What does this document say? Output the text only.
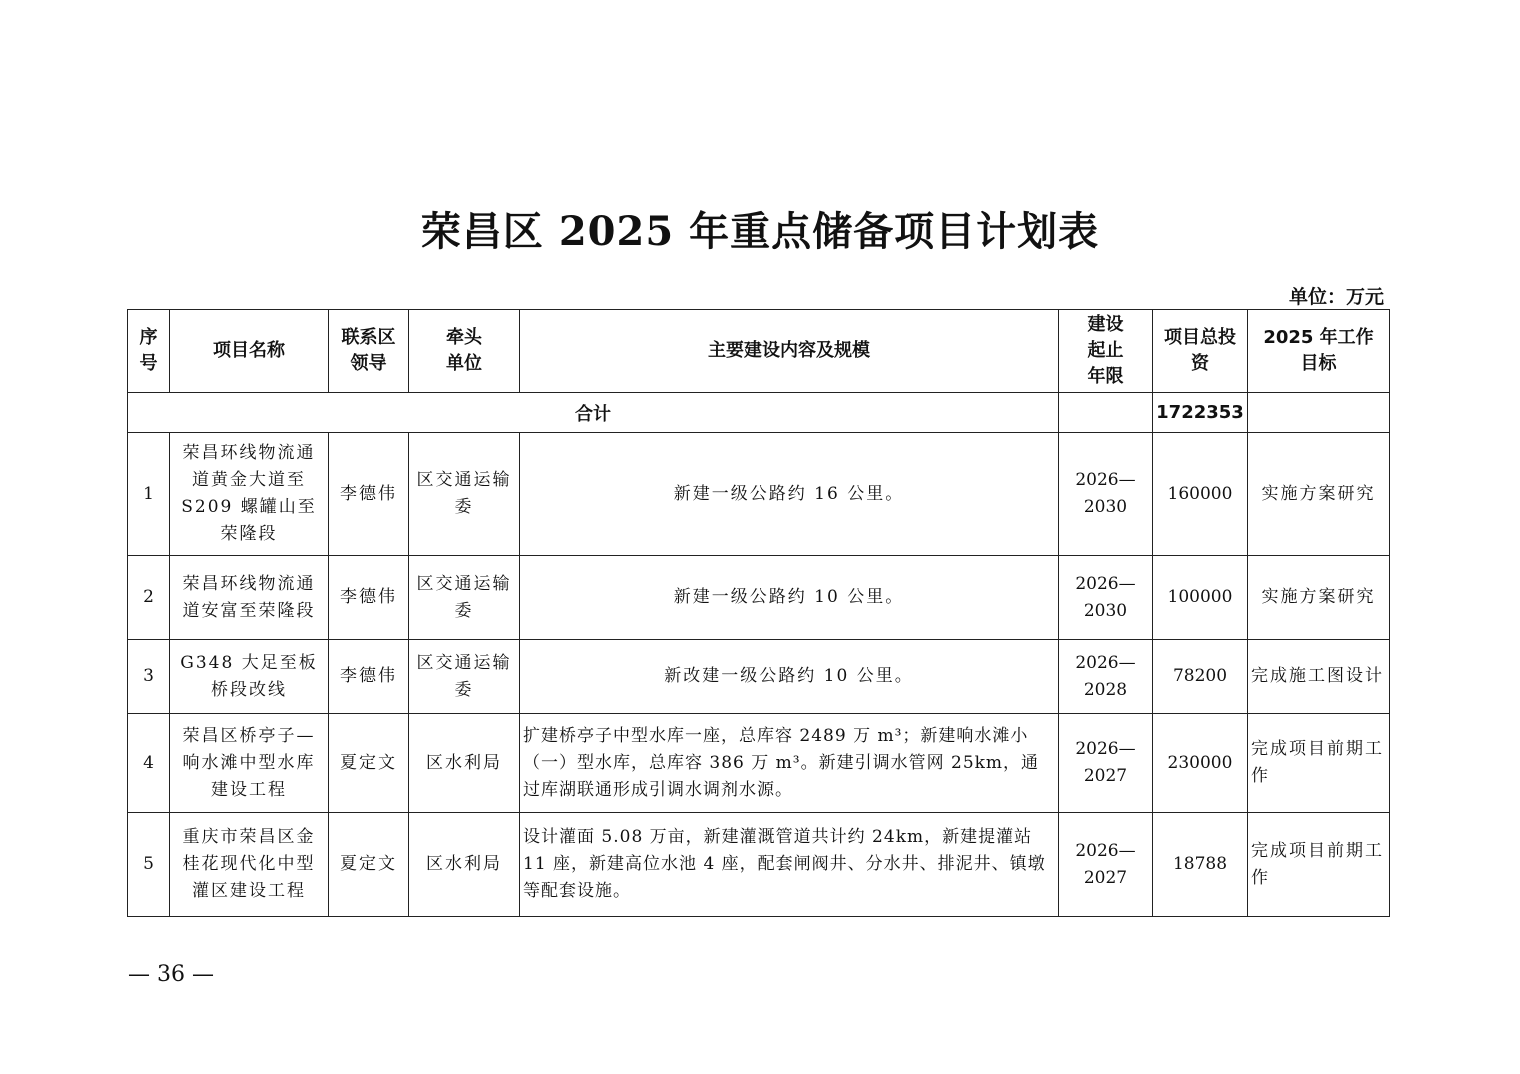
荣昌区 2025 年重点储备项目计划表
单位：万元
序号	项目名称	联系区领导	牵头单位	主要建设内容及规模	建设起止年限	项目总投资	2025 年工作目标
合计						1722353	
1	荣昌环线物流通道黄金大道至S209 螺罐山至荣隆段	李德伟	区交通运输委	新建一级公路约 16 公里。	2026—2030	160000	实施方案研究
2	荣昌环线物流通道安富至荣隆段	李德伟	区交通运输委	新建一级公路约 10 公里。	2026—2030	100000	实施方案研究
3	G348 大足至板桥段改线	李德伟	区交通运输委	新改建一级公路约 10 公里。	2026—2028	78200	完成施工图设计
4	荣昌区桥亭子—响水滩中型水库建设工程	夏定文	区水利局	扩建桥亭子中型水库一座，总库容 2489 万 m³；新建响水滩小（一）型水库，总库容 386 万 m³。新建引调水管网 25km，通过库湖联通形成引调水调剂水源。	2026—2027	230000	完成项目前期工作
5	重庆市荣昌区金桂花现代化中型灌区建设工程	夏定文	区水利局	设计灌面 5.08 万亩，新建灌溉管道共计约 24km，新建提灌站 11 座，新建高位水池 4 座，配套闸阀井、分水井、排泥井、镇墩等配套设施。	2026—2027	18788	完成项目前期工作
— 36 —
